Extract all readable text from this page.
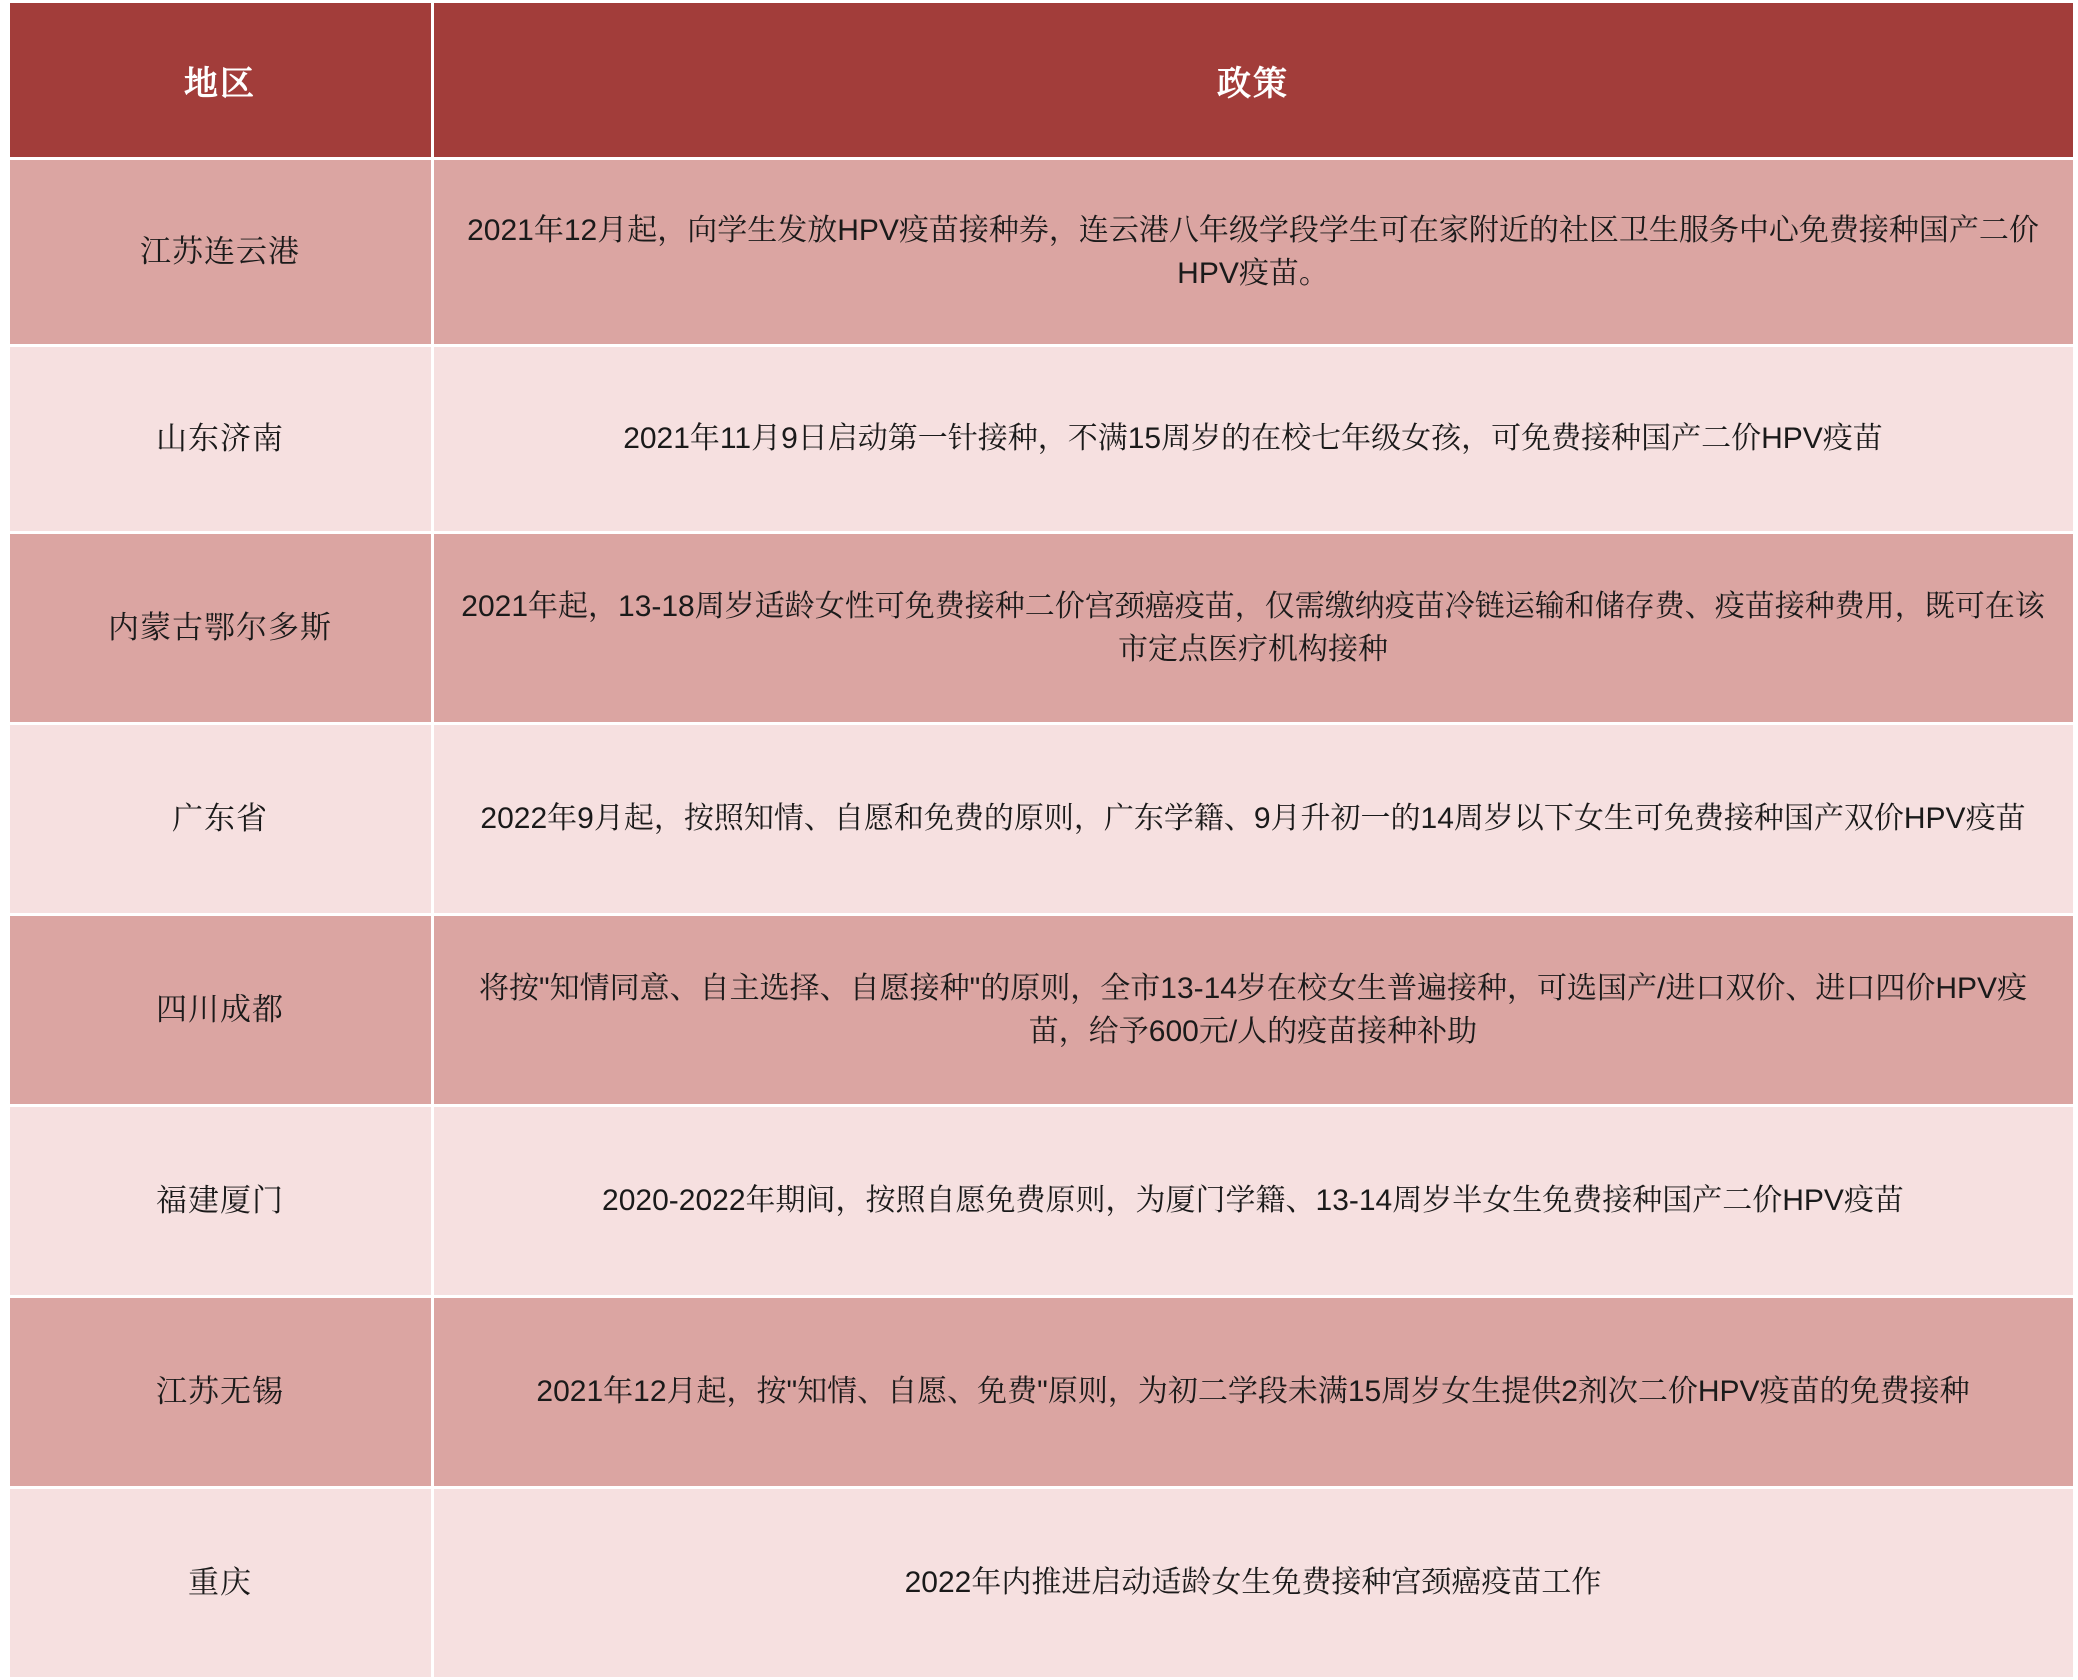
地区	政策
江苏连云港	2021年12月起，向学生发放HPV疫苗接种券，连云港八年级学段学生可在家附近的社区卫生服务中心免费接种国产二价HPV疫苗。
山东济南	2021年11月9日启动第一针接种，不满15周岁的在校七年级女孩，可免费接种国产二价HPV疫苗
内蒙古鄂尔多斯	2021年起，13-18周岁适龄女性可免费接种二价宫颈癌疫苗，仅需缴纳疫苗冷链运输和储存费、疫苗接种费用，既可在该市定点医疗机构接种
广东省	2022年9月起，按照知情、自愿和免费的原则，广东学籍、9月升初一的14周岁以下女生可免费接种国产双价HPV疫苗
四川成都	将按"知情同意、自主选择、自愿接种"的原则，全市13-14岁在校女生普遍接种，可选国产/进口双价、进口四价HPV疫苗，给予600元/人的疫苗接种补助
福建厦门	2020-2022年期间，按照自愿免费原则，为厦门学籍、13-14周岁半女生免费接种国产二价HPV疫苗
江苏无锡	2021年12月起，按"知情、自愿、免费"原则，为初二学段未满15周岁女生提供2剂次二价HPV疫苗的免费接种
重庆	2022年内推进启动适龄女生免费接种宫颈癌疫苗工作
